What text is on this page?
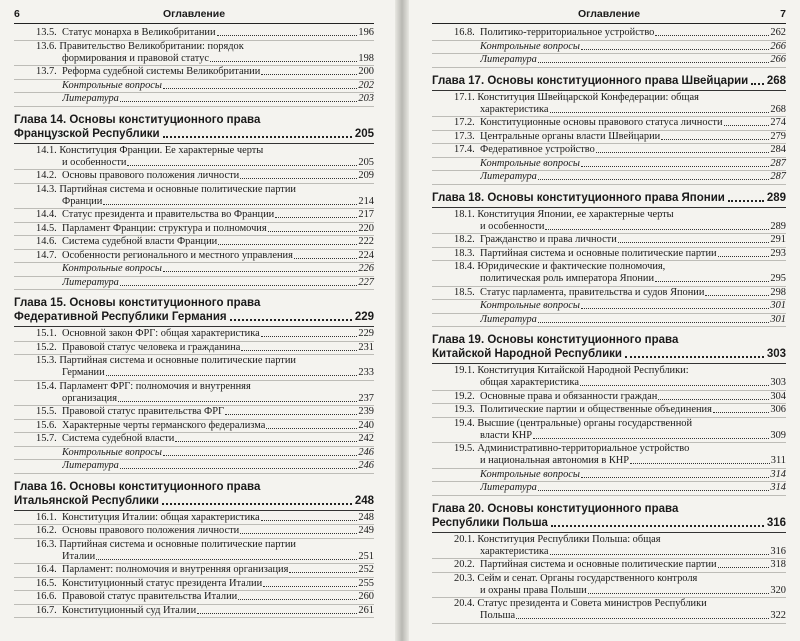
6	Оглавление
13.5. Статус монарха в Великобритании	196
13.6. Правительство Великобритании: порядок
формирования и правовой статус	198
13.7. Реформа судебной системы Великобритании	200
Контрольные вопросы	202
Литература	203
Глава 14. Основы конституционного права
Французской Республики	205
14.1. Конституция Франции. Ее характерные черты
и особенности	205
14.2. Основы правового положения личности	209
14.3. Партийная система и основные политические партии
Франции	214
14.4. Статус президента и правительства во Франции	217
14.5. Парламент Франции: структура и полномочия	220
14.6. Система судебной власти Франции	222
14.7. Особенности регионального и местного управления	224
Контрольные вопросы	226
Литература	227
Глава 15. Основы конституционного права
Федеративной Республики Германия	229
15.1. Основной закон ФРГ: общая характеристика	229
15.2. Правовой статус человека и гражданина	231
15.3. Партийная система и основные политические партии
Германии	233
15.4. Парламент ФРГ: полномочия и внутренняя
организация	237
15.5. Правовой статус правительства ФРГ	239
15.6. Характерные черты германского федерализма	240
15.7. Система судебной власти	242
Контрольные вопросы	246
Литература	246
Глава 16. Основы конституционного права
Итальянской Республики	248
16.1. Конституция Италии: общая характеристика	248
16.2. Основы правового положения личности	249
16.3. Партийная система и основные политические партии
Италии	251
16.4. Парламент: полномочия и внутренняя организация	252
16.5. Конституционный статус президента Италии	255
16.6. Правовой статус правительства Италии	260
16.7. Конституционный суд Италии	261
Оглавление	7
16.8. Политико-территориальное устройство	262
Контрольные вопросы	266
Литература	266
Глава 17. Основы конституционного права Швейцарии 268
17.1. Конституция Швейцарской Конфедерации: общая
характеристика	268
17.2. Конституционные основы правового статуса личности	274
17.3. Центральные органы власти Швейцарии	279
17.4. Федеративное устройство	284
Контрольные вопросы	287
Литература	287
Глава 18. Основы конституционного права Японии	289
18.1. Конституция Японии, ее характерные черты
и особенности	289
18.2. Гражданство и права личности	291
18.3. Партийная система и основные политические партии	293
18.4. Юридические и фактические полномочия,
политическая роль императора Японии	295
18.5. Статус парламента, правительства и судов Японии	298
Контрольные вопросы	301
Литература	301
Глава 19. Основы конституционного права
Китайской Народной Республики	303
19.1. Конституция Китайской Народной Республики:
общая характеристика	303
19.2. Основные права и обязанности граждан	304
19.3. Политические партии и общественные объединения	306
19.4. Высшие (центральные) органы государственной
власти КНР	309
19.5. Административно-территориальное устройство
и национальная автономия в КНР	311
Контрольные вопросы	314
Литература	314
Глава 20. Основы конституционного права
Республики Польша	316
20.1. Конституция Республики Польша: общая
характеристика	316
20.2. Партийная система и основные политические партии	318
20.3. Сейм и сенат. Органы государственного контроля
и охраны права Польши	320
20.4. Статус президента и Совета министров Республики
Польша	322
